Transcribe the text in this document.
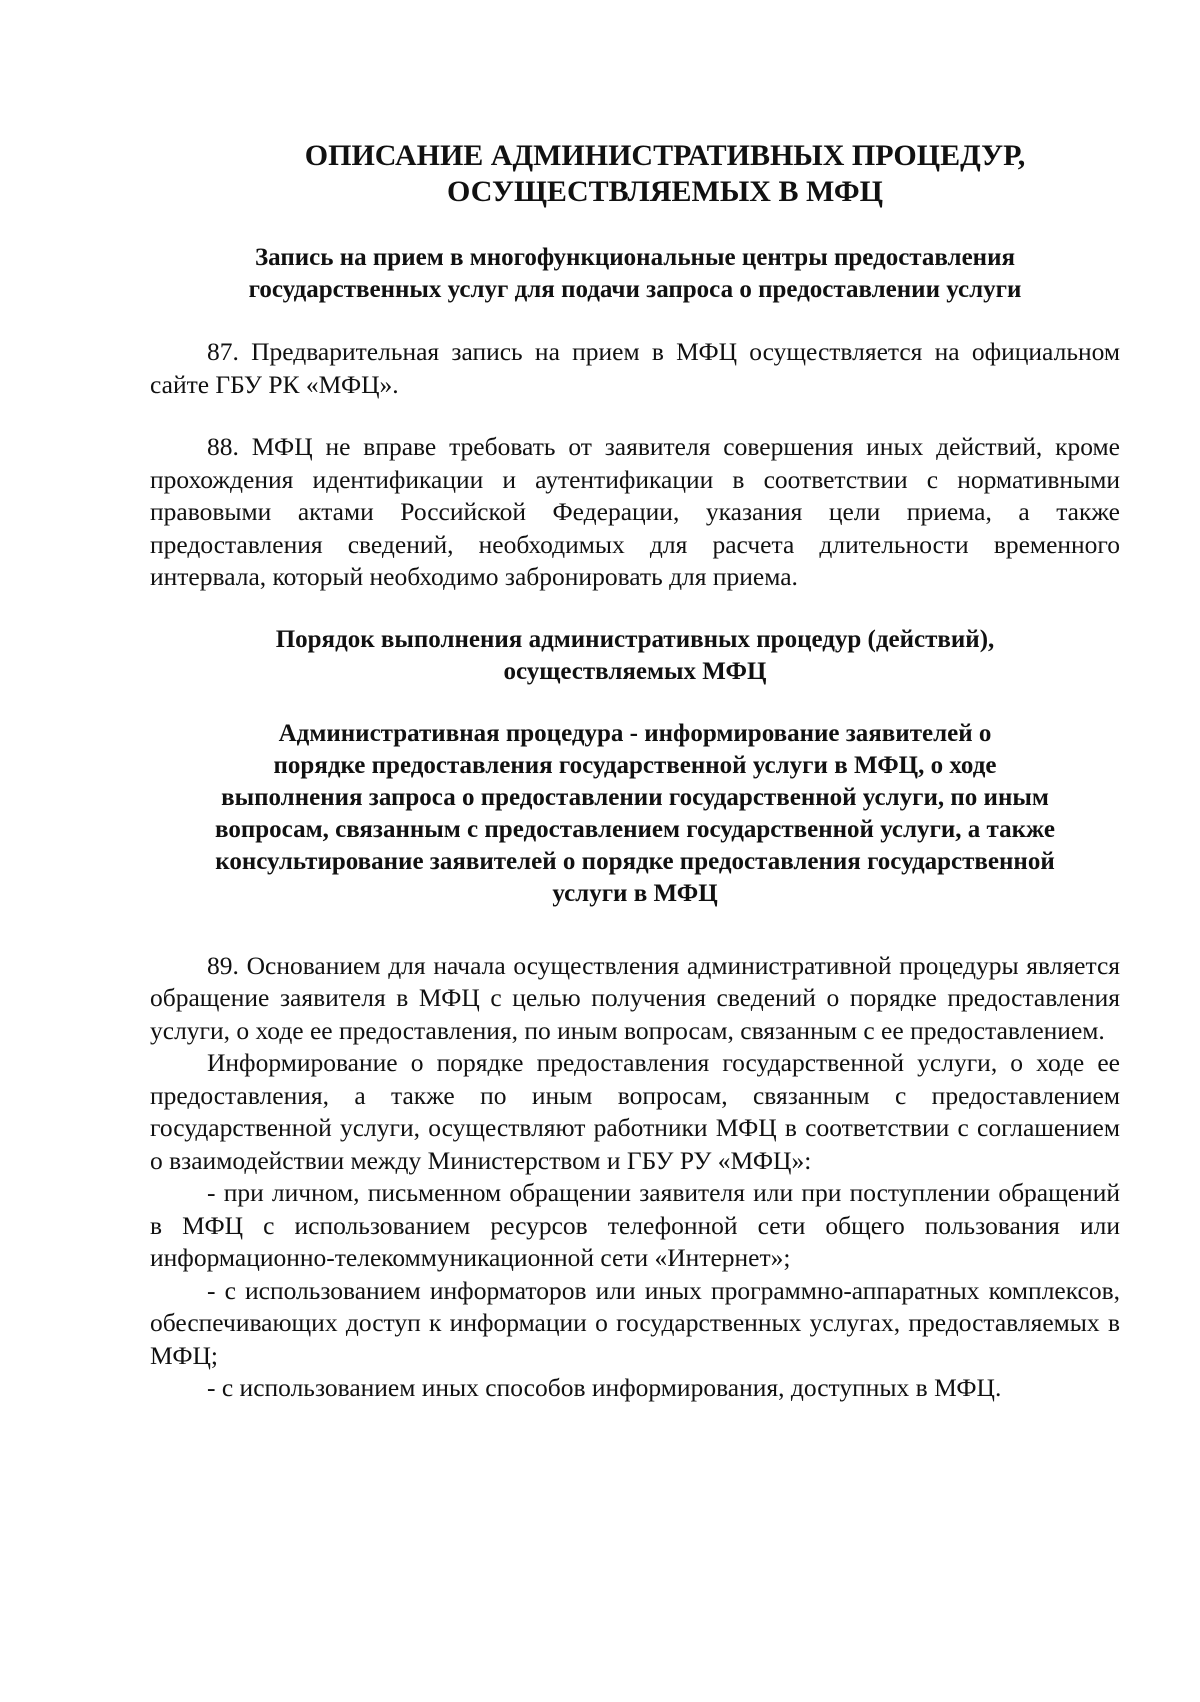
ОПИСАНИЕ АДМИНИСТРАТИВНЫХ ПРОЦЕДУР,
ОСУЩЕСТВЛЯЕМЫХ В МФЦ
Запись на прием в многофункциональные центры предоставления
государственных услуг для подачи запроса о предоставлении услуги

87. Предварительная запись на прием в МФЦ осуществляется на официальном сайте ГБУ РК «МФЦ».

88. МФЦ не вправе требовать от заявителя совершения иных действий, кроме прохождения идентификации и аутентификации в соответствии с нормативными правовыми актами Российской Федерации, указания цели приема, а также предоставления сведений, необходимых для расчета длительности временного интервала, который необходимо забронировать для приема.

Порядок выполнения административных процедур (действий),
осуществляемых МФЦ
Административная процедура - информирование заявителей о
порядке предоставления государственной услуги в МФЦ, о ходе
выполнения запроса о предоставлении государственной услуги, по иным
вопросам, связанным с предоставлением государственной услуги, а также
консультирование заявителей о порядке предоставления государственной
услуги в МФЦ

89. Основанием для начала осуществления административной процедуры является обращение заявителя в МФЦ с целью получения сведений о порядке предоставления услуги, о ходе ее предоставления, по иным вопросам, связанным с ее предоставлением.

Информирование о порядке предоставления государственной услуги, о ходе ее предоставления, а также по иным вопросам, связанным с предоставлением государственной услуги, осуществляют работники МФЦ в соответствии с соглашением о взаимодействии между Министерством и ГБУ РУ «МФЦ»:

- при личном, письменном обращении заявителя или при поступлении обращений в МФЦ с использованием ресурсов телефонной сети общего пользования или информационно-телекоммуникационной сети «Интернет»;

- с использованием информаторов или иных программно-аппаратных комплексов, обеспечивающих доступ к информации о государственных услугах, предоставляемых в МФЦ;

- с использованием иных способов информирования, доступных в МФЦ.
